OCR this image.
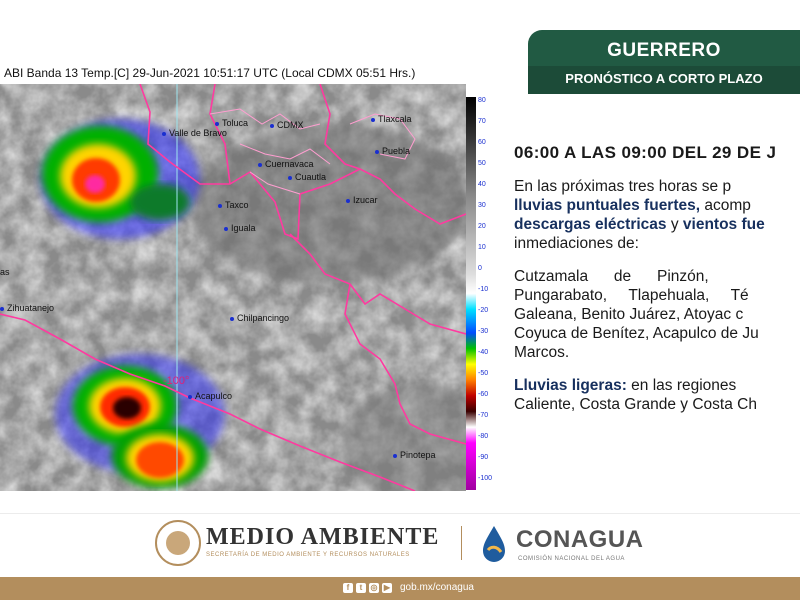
ABI Banda 13 Temp.[C] 29-Jun-2021 10:51:17 UTC (Local CDMX 05:51 Hrs.)
Toluca
Valle de Bravo
CDMX
Tlaxcala
Puebla
Cuernavaca
Cuautla
Izucar
Taxco
Iguala
Zihuatanejo
Chilpancingo
Acapulco
Pinotepa
as
-100°
80
70
60
50
40
30
20
10
0
-10
-20
-30
-40
-50
-60
-70
-80
-90
-100
GUERRERO
PRONÓSTICO A CORTO PLAZO
06:00 A LAS 09:00 DEL 29 DE J
En las próximas tres horas se p
lluvias puntuales fuertes, acomp
descargas eléctricas y vientos fue
inmediaciones de:
Cutzamala      de      Pinzón,
Pungarabato,     Tlapehuala,     Té
Galeana, Benito Juárez, Atoyac c
Coyuca de Benítez, Acapulco de Ju
Marcos.
Lluvias ligeras: en las regiones
Caliente, Costa Grande y Costa Ch
MEDIO AMBIENTE
SECRETARÍA DE MEDIO AMBIENTE Y RECURSOS NATURALES
CONAGUA
COMISIÓN NACIONAL DEL AGUA
f	t	◎ ▶ gob.mx/conagua
